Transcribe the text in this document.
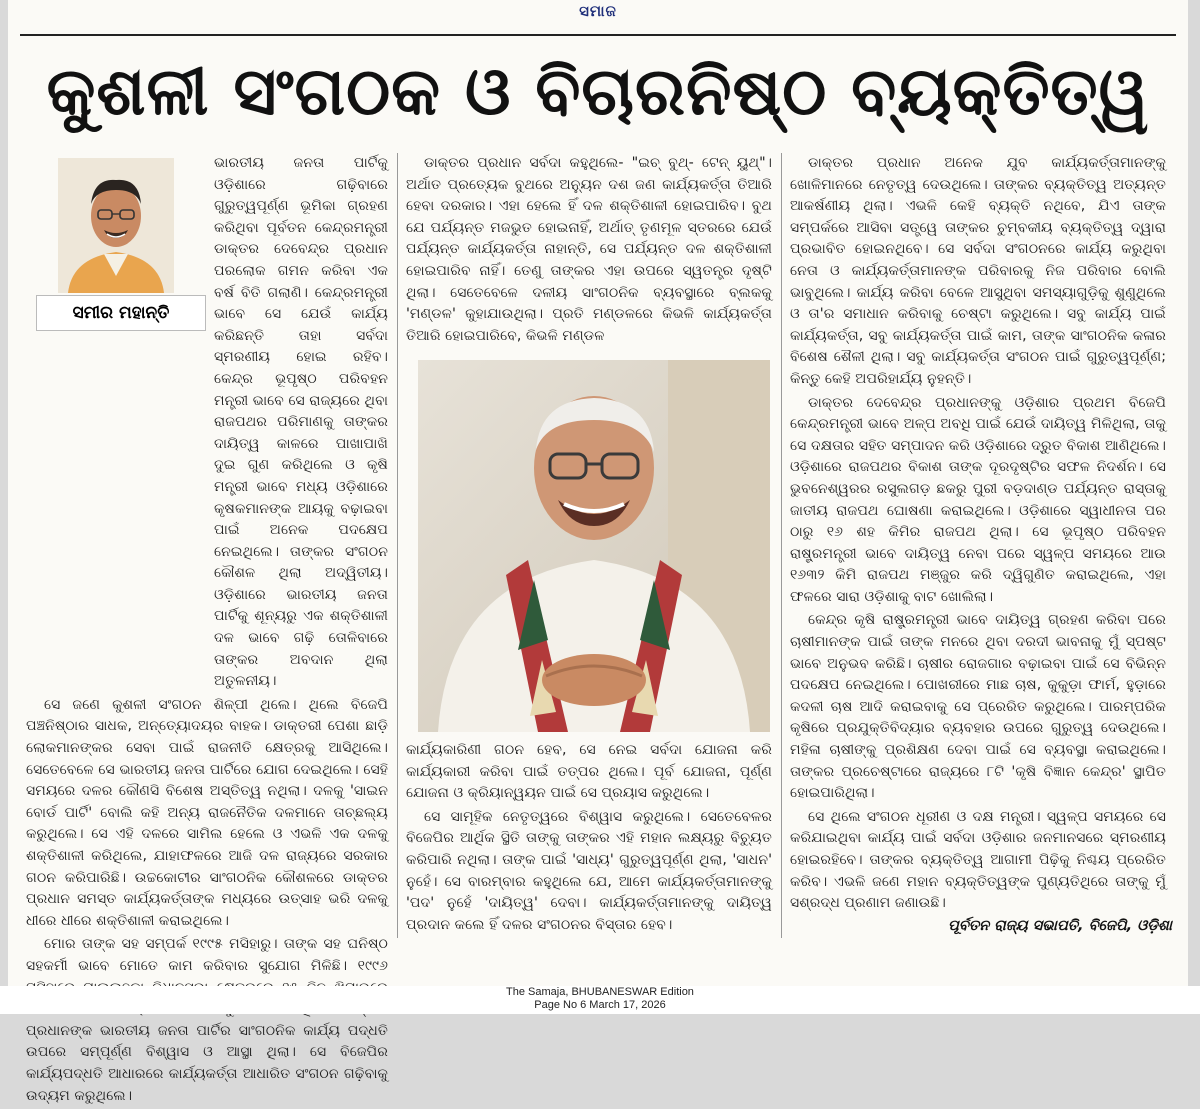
ସମାଜ
କୁଶଳୀ ସଂଗଠକ ଓ ବିଚାରନିଷ୍ଠ ବ୍ୟକ୍ତିତ୍ୱ
ସମୀର ମହାନ୍ତି

ଭାରତୀୟ ଜନତା ପାର୍ଟିକୁ ଓଡ଼ିଶାରେ ଗଢ଼ିବାରେ ଗୁରୁତ୍ୱପୂର୍ଣ୍ଣ ଭୂମିକା ଗ୍ରହଣ କରିଥିବା ପୂର୍ବତନ କେନ୍ଦ୍ରମନ୍ତ୍ରୀ ଡାକ୍ତର ଦେବେନ୍ଦ୍ର ପ୍ରଧାନ ପରଲୋକ ଗମନ କରିବା ଏକ ବର୍ଷ ବିତି ଗଲାଣି। କେନ୍ଦ୍ରମନ୍ତ୍ରୀ ଭାବେ ସେ ଯେଉଁ କାର୍ଯ୍ୟ କରିଛନ୍ତି ତାହା ସର୍ବଦା ସ୍ମରଣୀୟ ହୋଇ ରହିବ। କେନ୍ଦ୍ର ଭୂପୃଷ୍ଠ ପରିବହନ ମନ୍ତ୍ରୀ ଭାବେ ସେ ରାଜ୍ୟରେ ଥିବା ରାଜପଥର ପରିମାଣକୁ ତାଙ୍କର ଦାୟିତ୍ୱ କାଳରେ ପାଖାପାଖି ଦୁଇ ଗୁଣ କରିଥିଲେ ଓ କୃଷି ମନ୍ତ୍ରୀ ଭାବେ ମଧ୍ୟ ଓଡ଼ିଶାରେ କୃଷକମାନଙ୍କ ଆୟକୁ ବଢ଼ାଇବା ପାଇଁ ଅନେକ ପଦକ୍ଷେପ ନେଇଥିଲେ। ତାଙ୍କର ସଂଗଠନ କୌଶଳ ଥିଲା ଅଦ୍ୱିତୀୟ। ଓଡ଼ିଶାରେ ଭାରତୀୟ ଜନତା ପାର୍ଟିକୁ ଶୂନ୍ୟରୁ ଏକ ଶକ୍ତିଶାଳୀ ଦଳ ଭାବେ ଗଢ଼ି ତୋଳିବାରେ ତାଙ୍କର ଅବଦାନ ଥିଲା ଅତୁଳନୀୟ।

ସେ ଜଣେ କୁଶଳୀ ସଂଗଠନ ଶିଳ୍ପୀ ଥିଲେ। ଥିଲେ ବିଜେପି ପଞ୍ଚନିଷ୍ଠାର ସାଧକ, ଅନ୍ତ୍ୟୋଦୟର ବାହକ। ଡାକ୍ତରୀ ପେଶା ଛାଡ଼ି ଲୋକମାନଙ୍କର ସେବା ପାଇଁ ରାଜନୀତି କ୍ଷେତ୍ରକୁ ଆସିଥିଲେ। ସେତେବେଳେ ସେ ଭାରତୀୟ ଜନତା ପାର୍ଟିରେ ଯୋଗ ଦେଇଥିଲେ। ସେହି ସମୟରେ ଦଳର କୌଣସି ବିଶେଷ ଅସ୍ତିତ୍ୱ ନଥିଲା। ଦଳକୁ 'ସାଇନ ବୋର୍ଡ ପାର୍ଟି' ବୋଲି କହି ଅନ୍ୟ ରାଜନୈତିକ ଦଳମାନେ ତାଚ୍ଛଲ୍ୟ କରୁଥିଲେ। ସେ ଏହି ଦଳରେ ସାମିଲ ହେଲେ ଓ ଏଭଳି ଏକ ଦଳକୁ ଶକ୍ତିଶାଳୀ କରିଥିଲେ, ଯାହାଫଳରେ ଆଜି ଦଳ ରାଜ୍ୟରେ ସରକାର ଗଠନ କରିପାରିଛି। ଉଚ୍ଚକୋଟୀର ସାଂଗଠନିକ କୌଶଳରେ ଡାକ୍ତର ପ୍ରଧାନ ସମସ୍ତ କାର୍ଯ୍ୟକର୍ତ୍ତାଙ୍କ ମଧ୍ୟରେ ଉତ୍ସାହ ଭରି ଦଳକୁ ଧୀରେ ଧୀରେ ଶକ୍ତିଶାଳୀ କରାଇଥିଲେ।

ମୋର ତାଙ୍କ ସହ ସମ୍ପର୍କ ୧୯୯୫ ମସିହାରୁ। ତାଙ୍କ ସହ ଘନିଷ୍ଠ ସହକର୍ମୀ ଭାବେ ମୋତେ କାମ କରିବାର ସୁଯୋଗ ମିଳିଛି। ୧୯୯୬ ପ୍ରଧାନଙ୍କ ଭାରତୀୟ ଜନତା ପାର୍ଟିର ସାଂଗଠନିକ କାର୍ଯ୍ୟ ପଦ୍ଧତି ଉପରେ ସମ୍ପୂର୍ଣ୍ଣ ବିଶ୍ୱାସ ଓ ଆସ୍ଥା ଥିଲା। ସେ ବିଜେପିର କାର୍ଯ୍ୟପଦ୍ଧତି ଆଧାରରେ କାର୍ଯ୍ୟକର୍ତ୍ତା ଆଧାରିତ ସଂଗଠନ ଗଢ଼ିବାକୁ ଉଦ୍ୟମ କରୁଥିଲେ।

ଡାକ୍ତର ପ୍ରଧାନ ସର୍ବଦା କହୁଥିଲେ- "ଇଚ୍ ବୁଥ୍- ଟେନ୍ ୟୁଥ୍"। ଅର୍ଥାତ ପ୍ରତ୍ୟେକ ବୁଥରେ ଅନ୍ୟୁନ ଦଶ ଜଣ କାର୍ଯ୍ୟକର୍ତ୍ତା ତିଆରି ହେବା ଦରକାର। ଏହା ହେଲେ ହିଁ ଦଳ ଶକ୍ତିଶାଳୀ ହୋଇପାରିବ। ବୁଥ ଯେ ପର୍ଯ୍ୟନ୍ତ ମଜଭୁତ ହୋଇନାହିଁ, ଅର୍ଥାତ୍ ତୃଣମୂଳ ସ୍ତରରେ ଯେଉଁ ପର୍ଯ୍ୟନ୍ତ କାର୍ଯ୍ୟକର୍ତ୍ତା ନାହାନ୍ତି, ସେ ପର୍ଯ୍ୟନ୍ତ ଦଳ ଶକ୍ତିଶାଳୀ ହୋଇପାରିବ ନାହିଁ। ତେଣୁ ତାଙ୍କର ଏହା ଉପରେ ସ୍ୱତନ୍ତ୍ର ଦୃଷ୍ଟି ଥିଲା। ସେତେବେଳେ ଦଳୀୟ ସାଂଗଠନିକ ବ୍ୟବସ୍ଥାରେ ବ୍ଲକକୁ 'ମଣ୍ଡଳ' କୁହାଯାଉଥିଲା। ପ୍ରତି ମଣ୍ଡଳରେ କିଭଳି କାର୍ଯ୍ୟକର୍ତ୍ତା ତିଆରି ହୋଇପାରିବେ, କିଭଳି ମଣ୍ଡଳ

କାର୍ଯ୍ୟକାରିଣୀ ଗଠନ ହେବ, ସେ ନେଇ ସର୍ବଦା ଯୋଜନା କରି କାର୍ଯ୍ୟକାରୀ କରିବା ପାଇଁ ତତ୍ପର ଥିଲେ। ପୂର୍ବ ଯୋଜନା, ପୂର୍ଣ୍ଣ ଯୋଜନା ଓ କ୍ରିୟାନ୍ୱୟନ ପାଇଁ ସେ ପ୍ରୟାସ କରୁଥିଲେ।

ସେ ସାମୂହିକ ନେତୃତ୍ୱରେ ବିଶ୍ୱାସ କରୁଥିଲେ। ସେତେବେଳର ବିଜେପିର ଆର୍ଥିକ ସ୍ଥିତି ତାଙ୍କୁ ତାଙ୍କର ଏହି ମହାନ ଲକ୍ଷ୍ୟରୁ ବିଚ୍ୟୁତ କରିପାରି ନଥିଲା। ତାଙ୍କ ପାଇଁ 'ସାଧ୍ୟ' ଗୁରୁତ୍ୱପୂର୍ଣ୍ଣ ଥିଲା, 'ସାଧନ' ନୁହେଁ। ସେ ବାରମ୍ବାର କହୁଥିଲେ ଯେ, ଆମେ କାର୍ଯ୍ୟକର୍ତ୍ତାମାନଙ୍କୁ 'ପଦ' ନୁହେଁ 'ଦାୟିତ୍ୱ' ଦେବା। କାର୍ଯ୍ୟକର୍ତ୍ତାମାନଙ୍କୁ ଦାୟିତ୍ୱ ପ୍ରଦାନ କଲେ ହିଁ ଦଳର ସଂଗଠନର ବିସ୍ତାର ହେବ।

ଡାକ୍ତର ପ୍ରଧାନ ଅନେକ ଯୁବ କାର୍ଯ୍ୟକର୍ତ୍ତାମାନଙ୍କୁ ଖୋଳିମାନରେ ନେତୃତ୍ୱ ଦେଉଥିଲେ। ତାଙ୍କର ବ୍ୟକ୍ତିତ୍ୱ ଅତ୍ୟନ୍ତ ଆକର୍ଷଣୀୟ ଥିଲା। ଏଭଳି କେହି ବ୍ୟକ୍ତି ନଥିବେ, ଯିଏ ତାଙ୍କ ସମ୍ପର୍କରେ ଆସିବା ସତ୍ତ୍ୱେ ତାଙ୍କର ଚୁମ୍ବକୀୟ ବ୍ୟକ୍ତିତ୍ୱ ଦ୍ୱାରା ପ୍ରଭାବିତ ହୋଇନଥିବେ। ସେ ସର୍ବଦା ସଂଗଠନରେ କାର୍ଯ୍ୟ କରୁଥିବା ନେତା ଓ କାର୍ଯ୍ୟକର୍ତ୍ତାମାନଙ୍କ ପରିବାରକୁ ନିଜ ପରିବାର ବୋଲି ଭାବୁଥିଲେ। କାର୍ଯ୍ୟ କରିବା ବେଳେ ଆସୁଥିବା ସମସ୍ୟାଗୁଡ଼ିକୁ ଶୁଣୁଥିଲେ ଓ ତା'ର ସମାଧାନ କରିବାକୁ ଚେଷ୍ଟା କରୁଥିଲେ। ସବୁ କାର୍ଯ୍ୟ ପାଇଁ କାର୍ଯ୍ୟକର୍ତ୍ତା, ସବୁ କାର୍ଯ୍ୟକର୍ତ୍ତା ପାଇଁ କାମ, ତାଙ୍କ ସାଂଗଠନିକ କଳାର ବିଶେଷ ଶୈଳୀ ଥିଲା। ସବୁ କାର୍ଯ୍ୟକର୍ତ୍ତା ସଂଗଠନ ପାଇଁ ଗୁରୁତ୍ୱପୂର୍ଣ୍ଣ; କିନ୍ତୁ କେହି ଅପରିହାର୍ଯ୍ୟ ନୁହନ୍ତି।

ଡାକ୍ତର ଦେବେନ୍ଦ୍ର ପ୍ରଧାନଙ୍କୁ ଓଡ଼ିଶାର ପ୍ରଥମ ବିଜେପି କେନ୍ଦ୍ରମନ୍ତ୍ରୀ ଭାବେ ଅଳ୍ପ ଅବଧି ପାଇଁ ଯେଉଁ ଦାୟିତ୍ୱ ମିଳିଥିଲା, ତାକୁ ସେ ଦକ୍ଷତାର ସହିତ ସମ୍ପାଦନ କରି ଓଡ଼ିଶାରେ ଦ୍ରୁତ ବିକାଶ ଆଣିଥିଲେ। ଓଡ଼ିଶାରେ ରାଜପଥର ବିକାଶ ତାଙ୍କ ଦୂରଦୃଷ୍ଟିର ସଫଳ ନିଦର୍ଶନ। ସେ ଭୁବନେଶ୍ୱରର ରସୁଲଗଡ଼ ଛକରୁ ପୁରୀ ବଡ଼ଦାଣ୍ଡ ପର୍ଯ୍ୟନ୍ତ ରାସ୍ତାକୁ ଜାତୀୟ ରାଜପଥ ଘୋଷଣା କରାଇଥିଲେ। ଓଡ଼ିଶାରେ ସ୍ୱାଧୀନତା ପର ଠାରୁ ୧୬ ଶହ କିମିର ରାଜପଥ ଥିଲା। ସେ ଭୂପୃଷ୍ଠ ପରିବହନ ରାଷ୍ଟ୍ରମନ୍ତ୍ରୀ ଭାବେ ଦାୟିତ୍ୱ ନେବା ପରେ ସ୍ୱଳ୍ପ ସମୟରେ ଆଉ ୧୬୩୨ କିମି ରାଜପଥ ମଞ୍ଜୁର କରି ଦ୍ୱିଗୁଣିତ କରାଇଥିଲେ, ଏହା ଫଳରେ ସାରା ଓଡ଼ିଶାକୁ ବାଟ ଖୋଲିଲା।

କେନ୍ଦ୍ର କୃଷି ରାଷ୍ଟ୍ରମନ୍ତ୍ରୀ ଭାବେ ଦାୟିତ୍ୱ ଗ୍ରହଣ କରିବା ପରେ ଚାଷୀମାନଙ୍କ ପାଇଁ ତାଙ୍କ ମନରେ ଥିବା ଦରଦୀ ଭାବନାକୁ ମୁଁ ସ୍ପଷ୍ଟ ଭାବେ ଅନୁଭବ କରିଛି। ଚାଷୀର ରୋଜଗାର ବଢ଼ାଇବା ପାଇଁ ସେ ବିଭିନ୍ନ ପଦକ୍ଷେପ ନେଇଥିଲେ। ପୋଖରୀରେ ମାଛ ଚାଷ, କୁକୁଡ଼ା ଫାର୍ମ, ହୁଡ଼ାରେ କଦଳୀ ଚାଷ ଆଦି କରାଇବାକୁ ସେ ପ୍ରେରିତ କରୁଥିଲେ। ପାରମ୍ପରିକ କୃଷିରେ ପ୍ରଯୁକ୍ତିବିଦ୍ୟାର ବ୍ୟବହାର ଉପରେ ଗୁରୁତ୍ୱ ଦେଉଥିଲେ। ମହିଳା ଚାଷୀଙ୍କୁ ପ୍ରଶିକ୍ଷଣ ଦେବା ପାଇଁ ସେ ବ୍ୟବସ୍ଥା କରାଇଥିଲେ। ତାଙ୍କର ପ୍ରଚେଷ୍ଟାରେ ରାଜ୍ୟରେ ୮ଟି 'କୃଷି ବିଜ୍ଞାନ କେନ୍ଦ୍ର' ସ୍ଥାପିତ ହୋଇପାରିଥିଲା।

ସେ ଥିଲେ ସଂଗଠନ ଧୂରୀଣ ଓ ଦକ୍ଷ ମନ୍ତ୍ରୀ। ସ୍ୱଳ୍ପ ସମୟରେ ସେ କରିଯାଇଥିବା କାର୍ଯ୍ୟ ପାଇଁ ସର୍ବଦା ଓଡ଼ିଶାର ଜନମାନସରେ ସ୍ମରଣୀୟ ହୋଇରହିବେ। ତାଙ୍କର ବ୍ୟକ୍ତିତ୍ୱ ଆଗାମୀ ପିଢ଼ିକୁ ନିଶ୍ଚୟ ପ୍ରେରିତ କରିବ। ଏଭଳି ଜଣେ ମହାନ ବ୍ୟକ୍ତିତ୍ୱଙ୍କ ପୁଣ୍ୟତିଥିରେ ତାଙ୍କୁ ମୁଁ ସଶ୍ରଦ୍ଧ ପ୍ରଣାମ ଜଣାଉଛି।

ପୂର୍ବତନ ରାଜ୍ୟ ସଭାପତି, ବିଜେପି, ଓଡ଼ିଶା
The Samaja, BHUBANESWAR Edition
Page No 6 March 17, 2026
